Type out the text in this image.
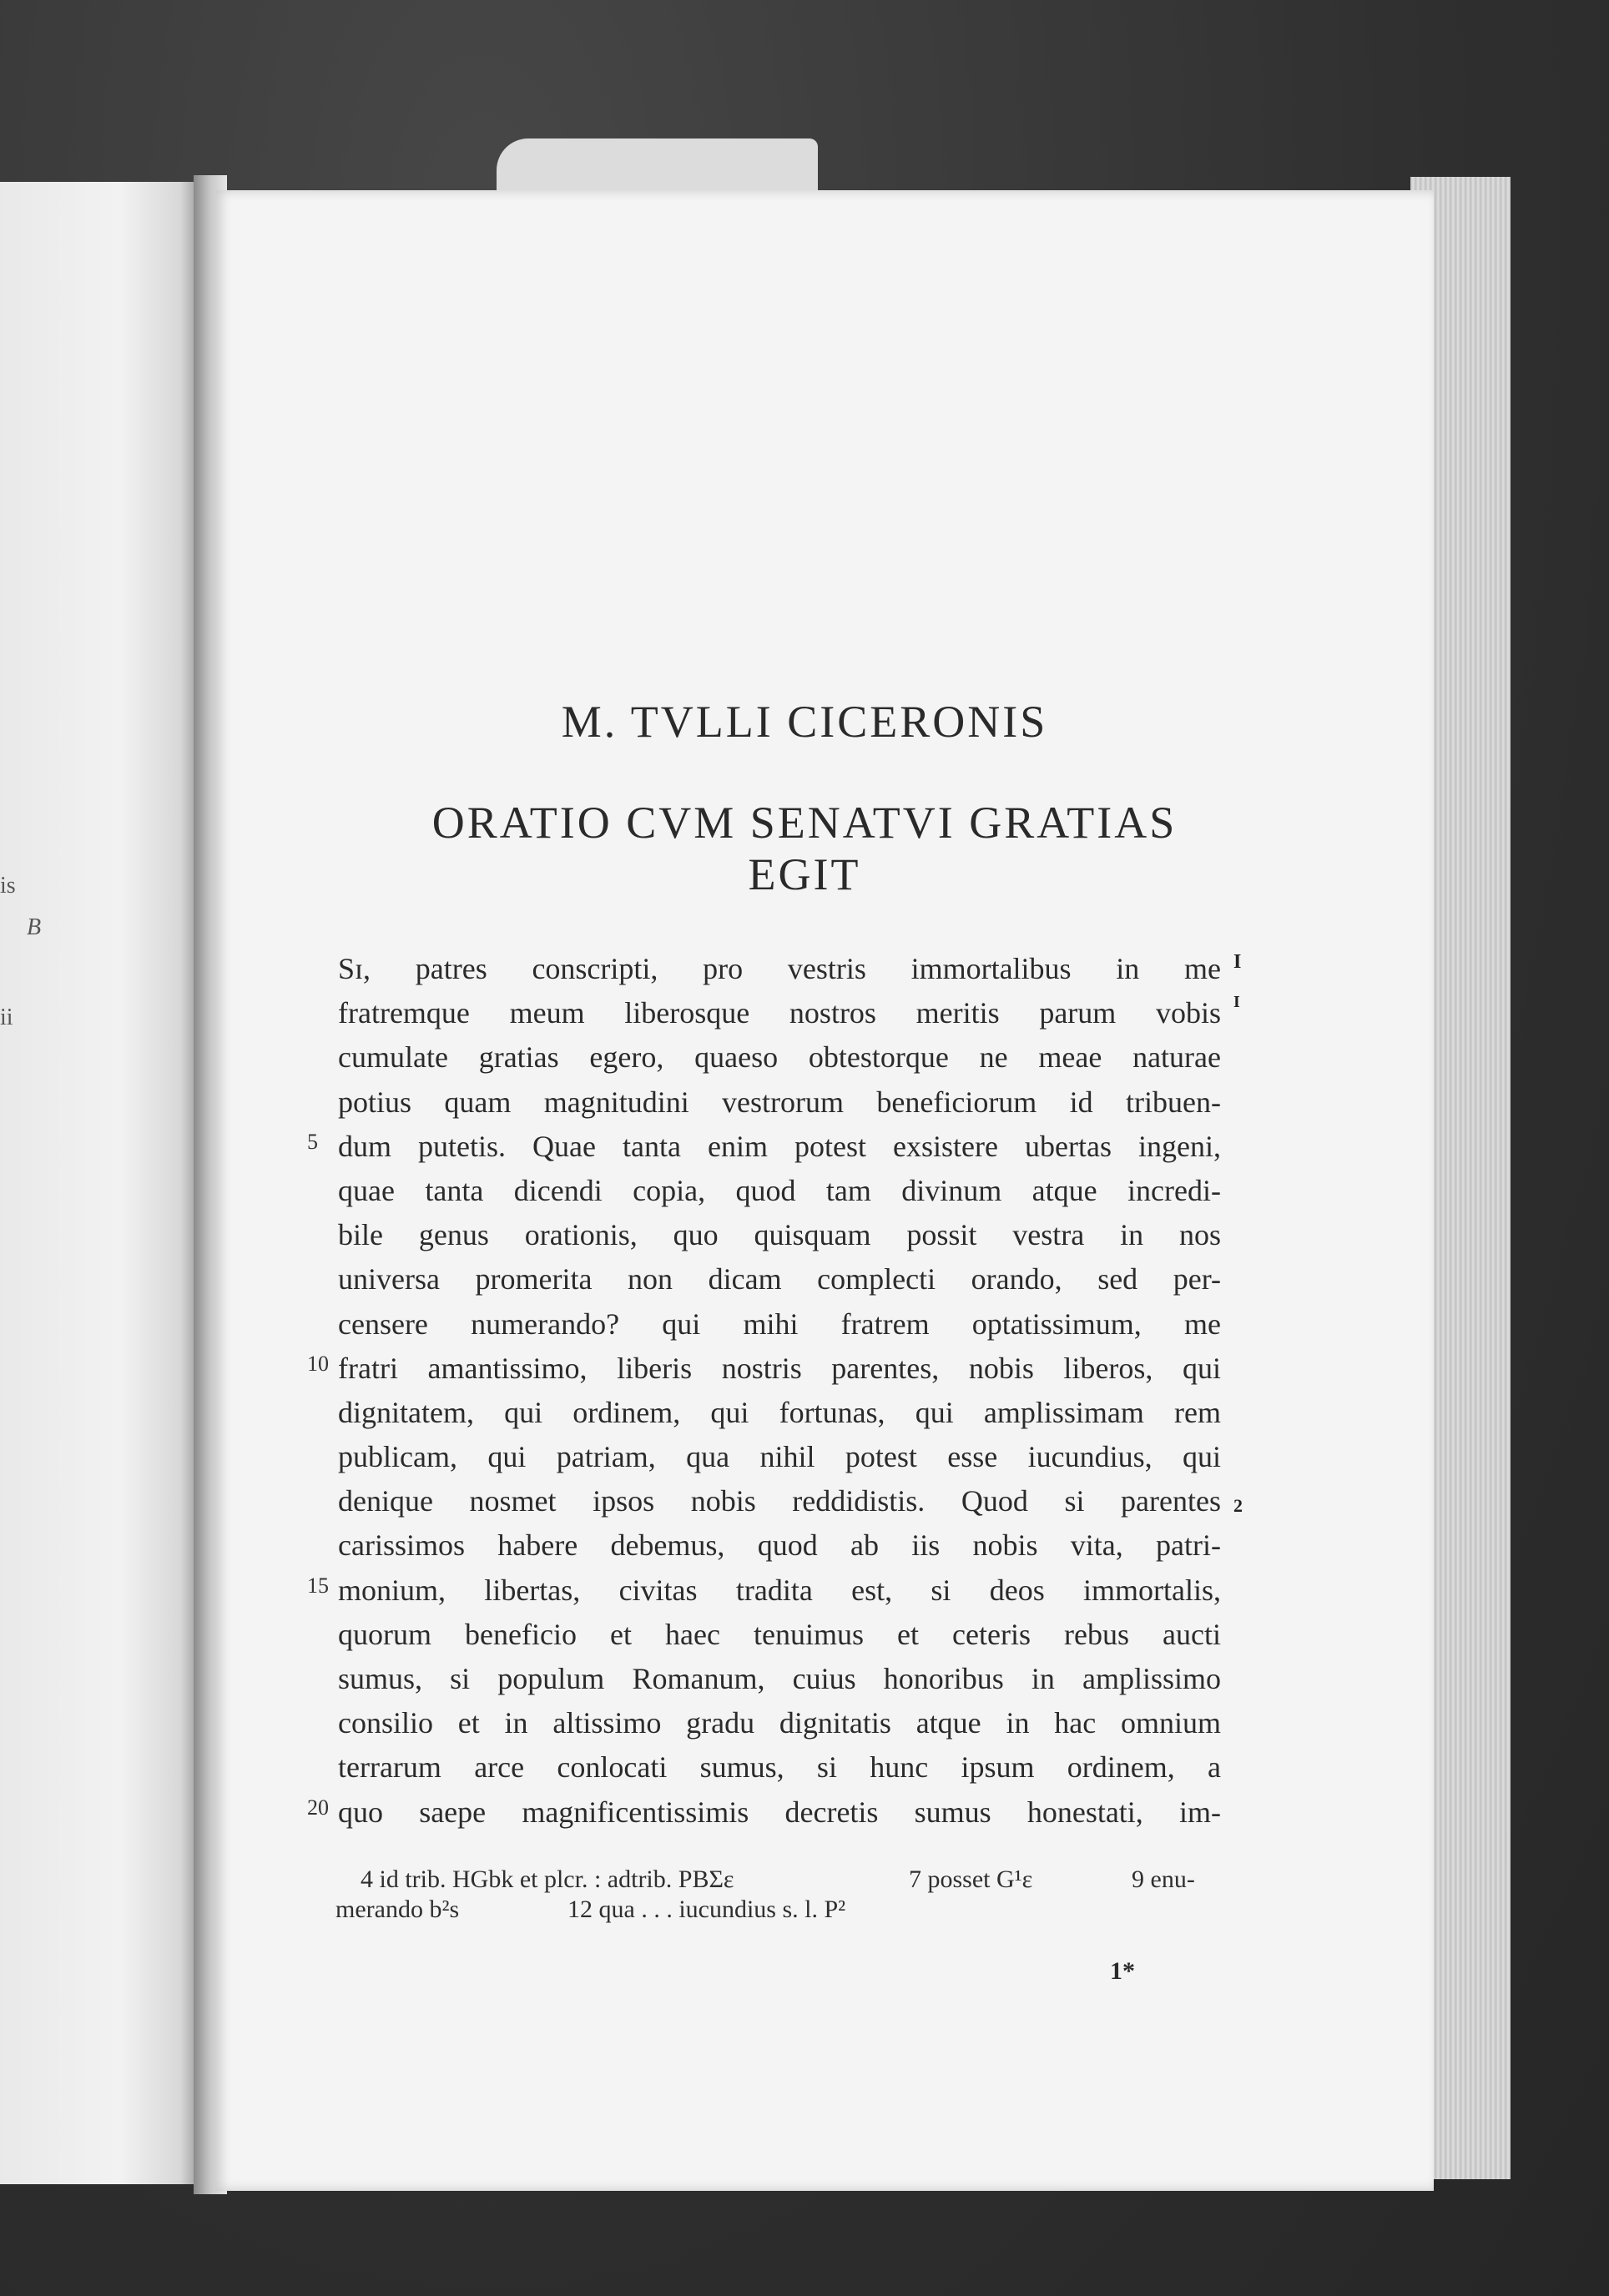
is
B
ii
M. TVLLI CICERONIS
ORATIO CVM SENATVI GRATIAS
EGIT
Sɪ, patres conscripti, pro vestris immortalibus in me
fratremque meum liberosque nostros meritis parum vobis
cumulate gratias egero, quaeso obtestorque ne meae naturae
potius quam magnitudini vestrorum beneficiorum id tribuen-
dum putetis. Quae tanta enim potest exsistere ubertas ingeni,
quae tanta dicendi copia, quod tam divinum atque incredi-
bile genus orationis, quo quisquam possit vestra in nos
universa promerita non dicam complecti orando, sed per-
censere numerando? qui mihi fratrem optatissimum, me
fratri amantissimo, liberis nostris parentes, nobis liberos, qui
dignitatem, qui ordinem, qui fortunas, qui amplissimam rem
publicam, qui patriam, qua nihil potest esse iucundius, qui
denique nosmet ipsos nobis reddidistis. Quod si parentes
carissimos habere debemus, quod ab iis nobis vita, patri-
monium, libertas, civitas tradita est, si deos immortalis,
quorum beneficio et haec tenuimus et ceteris rebus aucti
sumus, si populum Romanum, cuius honoribus in amplissimo
consilio et in altissimo gradu dignitatis atque in hac omnium
terrarum arce conlocati sumus, si hunc ipsum ordinem, a
quo saepe magnificentissimis decretis sumus honestati, im-
5
10
15
20
I
I
2
4 id trib. HGbk et plcr. : adtrib. PBΣε	7 posset G¹ε	9 enu-
merando b²s	12 qua . . . iucundius s. l. P²
1*
